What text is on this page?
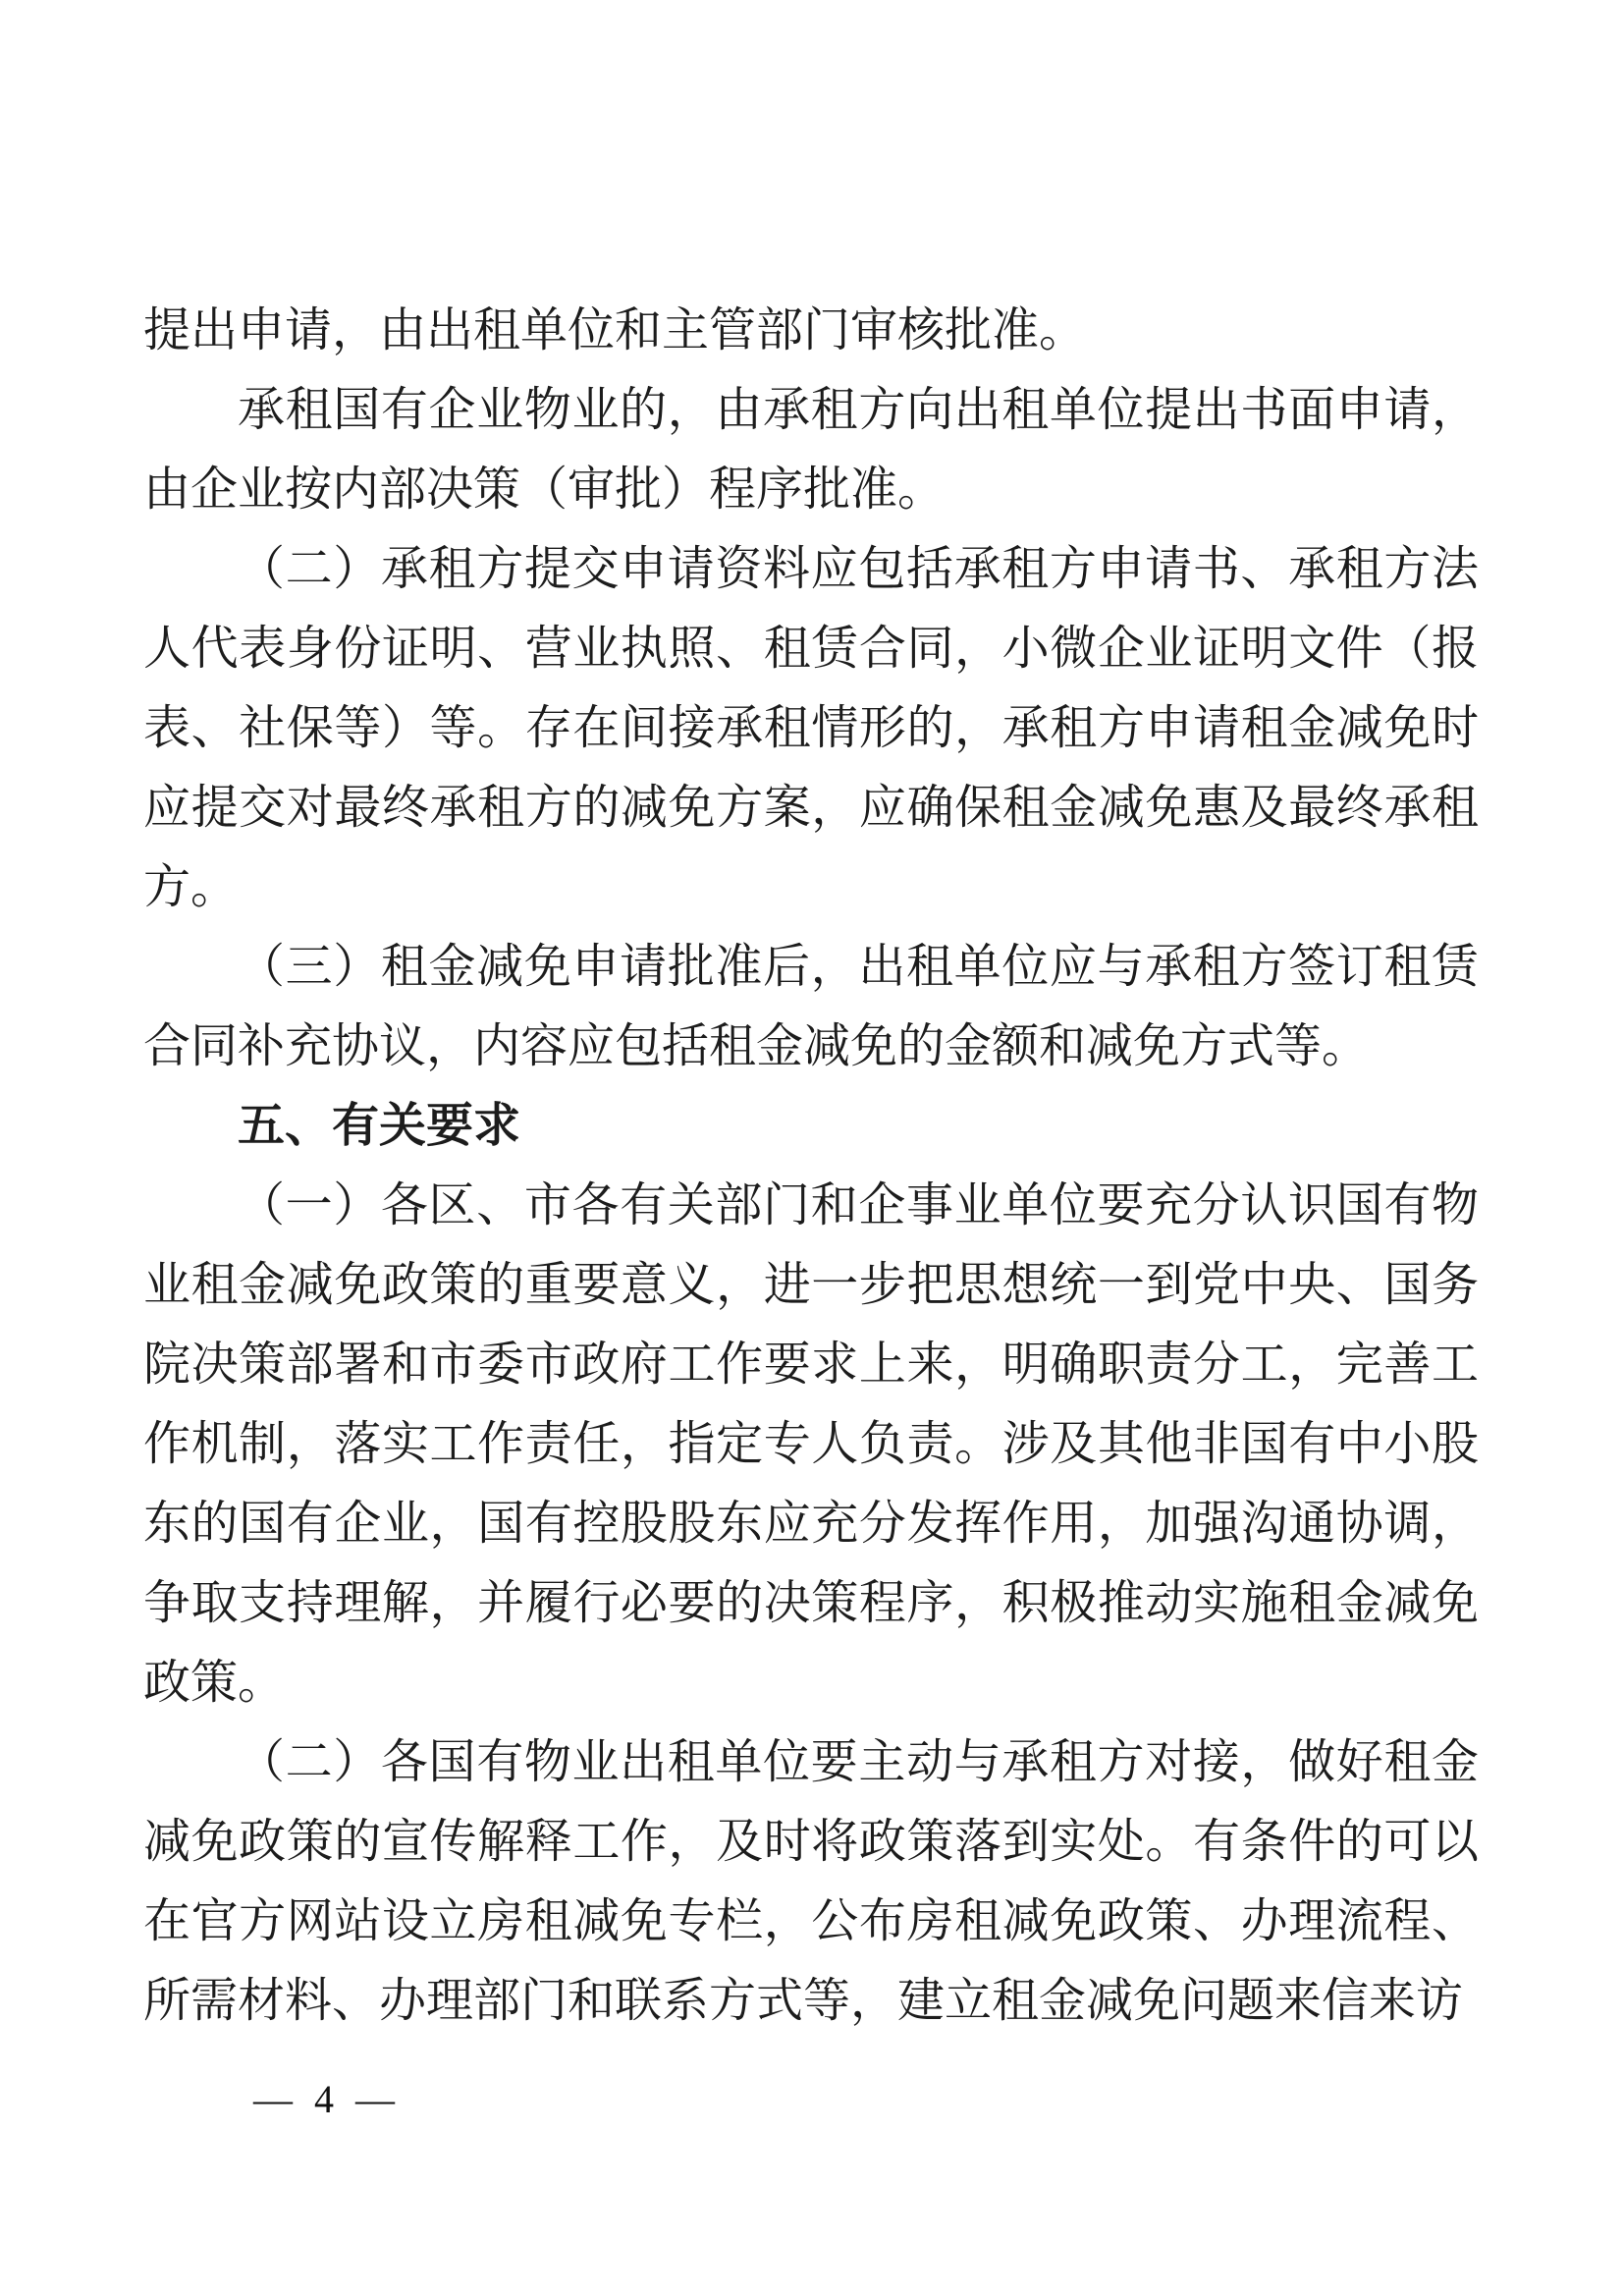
提出申请，由出租单位和主管部门审核批准。

承租国有企业物业的，由承租方向出租单位提出书面申请，由企业按内部决策（审批）程序批准。

（二）承租方提交申请资料应包括承租方申请书、承租方法人代表身份证明、营业执照、租赁合同，小微企业证明文件（报表、社保等）等。存在间接承租情形的，承租方申请租金减免时应提交对最终承租方的减免方案，应确保租金减免惠及最终承租方。

（三）租金减免申请批准后，出租单位应与承租方签订租赁合同补充协议，内容应包括租金减免的金额和减免方式等。

五、有关要求

（一）各区、市各有关部门和企事业单位要充分认识国有物业租金减免政策的重要意义，进一步把思想统一到党中央、国务院决策部署和市委市政府工作要求上来，明确职责分工，完善工作机制，落实工作责任，指定专人负责。涉及其他非国有中小股东的国有企业，国有控股股东应充分发挥作用，加强沟通协调，争取支持理解，并履行必要的决策程序，积极推动实施租金减免政策。

（二）各国有物业出租单位要主动与承租方对接，做好租金减免政策的宣传解释工作，及时将政策落到实处。有条件的可以在官方网站设立房租减免专栏，公布房租减免政策、办理流程、所需材料、办理部门和联系方式等，建立租金减免问题来信来访

— 4 —
